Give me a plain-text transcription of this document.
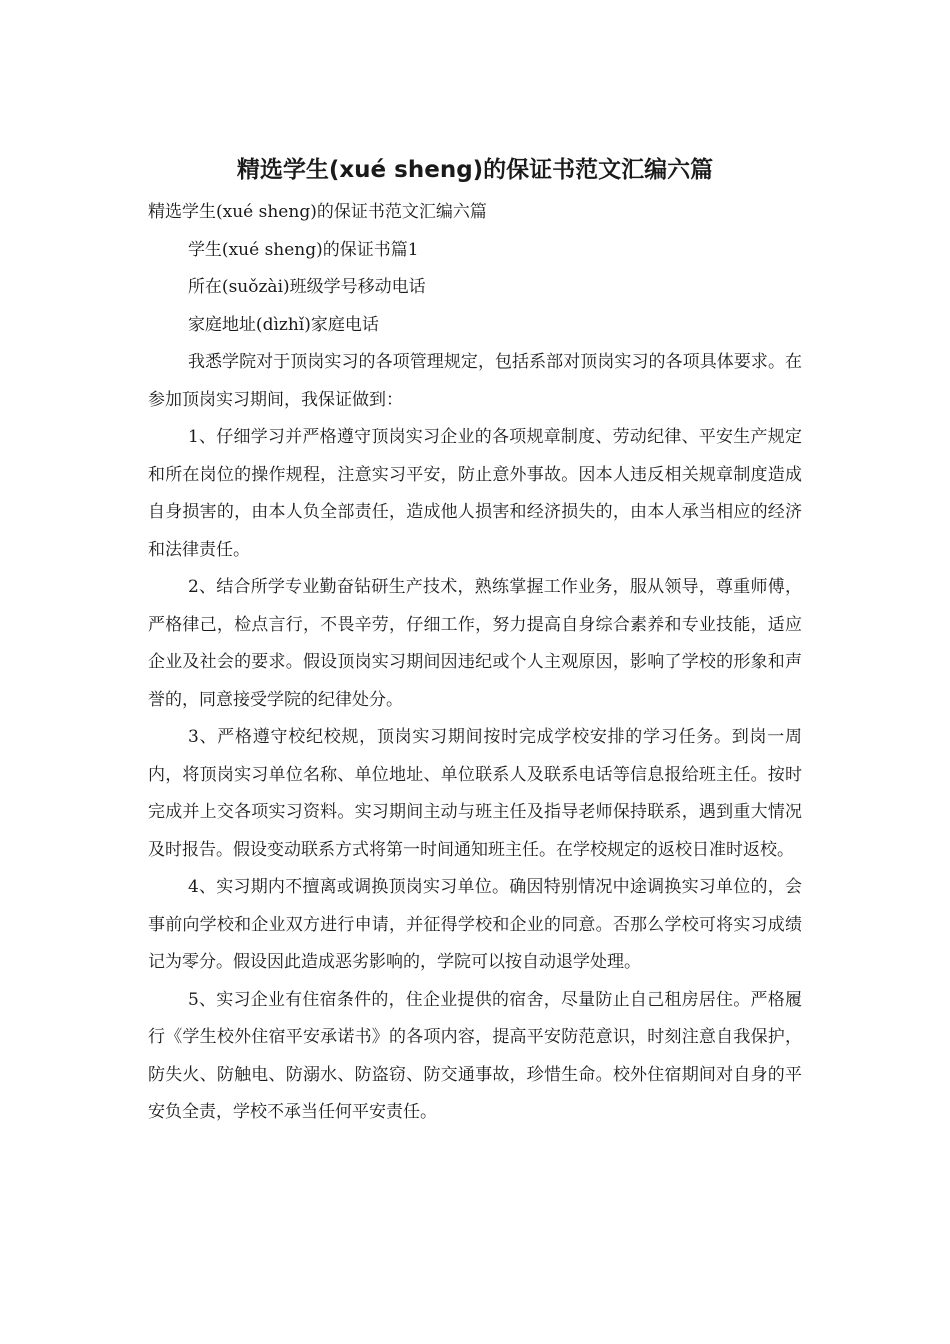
精选学生(xué sheng)的保证书范文汇编六篇

精选学生(xué sheng)的保证书范文汇编六篇

学生(xué sheng)的保证书篇1

所在(suǒzài)班级学号移动电话

家庭地址(dìzhǐ)家庭电话

我悉学院对于顶岗实习的各项管理规定，包括系部对顶岗实习的各项具体要求。在参加顶岗实习期间，我保证做到：

1、仔细学习并严格遵守顶岗实习企业的各项规章制度、劳动纪律、平安生产规定和所在岗位的操作规程，注意实习平安，防止意外事故。因本人违反相关规章制度造成自身损害的，由本人负全部责任，造成他人损害和经济损失的，由本人承当相应的经济和法律责任。

2、结合所学专业勤奋钻研生产技术，熟练掌握工作业务，服从领导，尊重师傅，严格律己，检点言行，不畏辛劳，仔细工作，努力提高自身综合素养和专业技能，适应企业及社会的要求。假设顶岗实习期间因违纪或个人主观原因，影响了学校的形象和声誉的，同意接受学院的纪律处分。

3、严格遵守校纪校规，顶岗实习期间按时完成学校安排的学习任务。到岗一周内，将顶岗实习单位名称、单位地址、单位联系人及联系电话等信息报给班主任。按时完成并上交各项实习资料。实习期间主动与班主任及指导老师保持联系，遇到重大情况及时报告。假设变动联系方式将第一时间通知班主任。在学校规定的返校日准时返校。

4、实习期内不擅离或调换顶岗实习单位。确因特别情况中途调换实习单位的，会事前向学校和企业双方进行申请，并征得学校和企业的同意。否那么学校可将实习成绩记为零分。假设因此造成恶劣影响的，学院可以按自动退学处理。

5、实习企业有住宿条件的，住企业提供的宿舍，尽量防止自己租房居住。严格履行《学生校外住宿平安承诺书》的各项内容，提高平安防范意识，时刻注意自我保护，防失火、防触电、防溺水、防盗窃、防交通事故，珍惜生命。校外住宿期间对自身的平安负全责，学校不承当任何平安责任。
